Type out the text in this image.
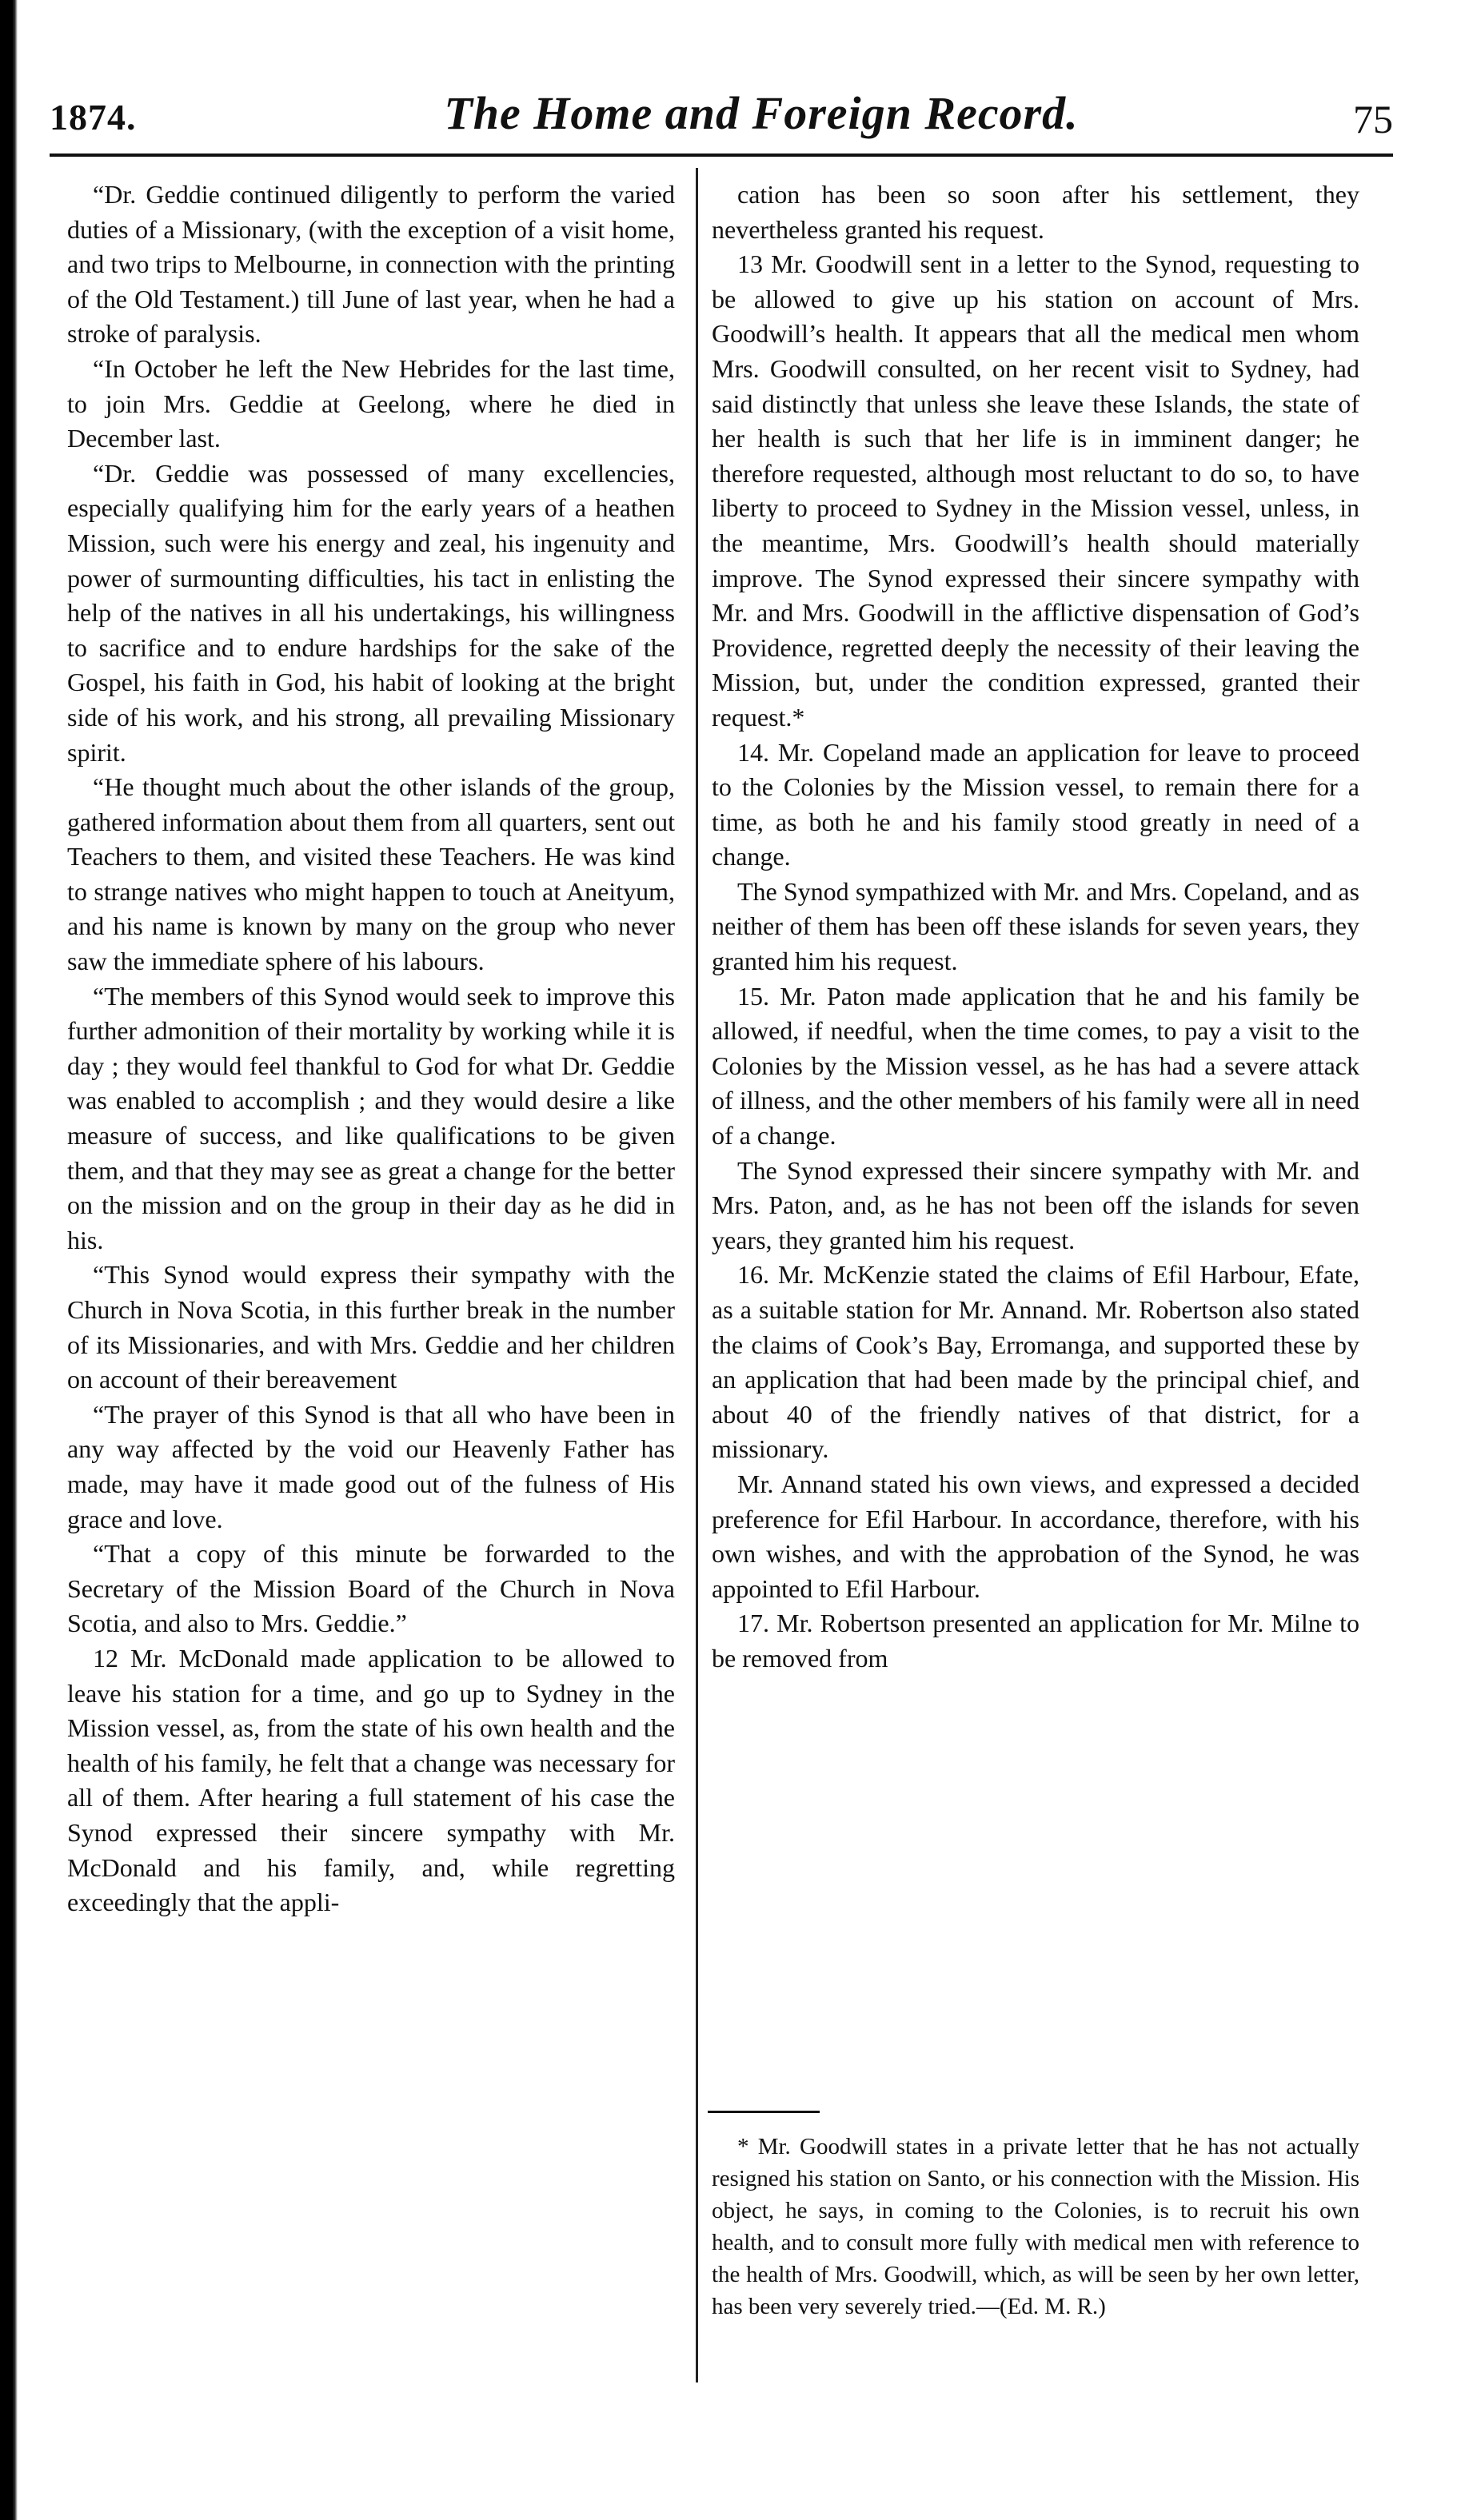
1874.	The Home and Foreign Record.	75

“Dr. Geddie continued diligently to perform the varied duties of a Missionary, (with the exception of a visit home, and two trips to Melbourne, in connection with the printing of the Old Testament.) till June of last year, when he had a stroke of paralysis.

“In October he left the New Hebrides for the last time, to join Mrs. Geddie at Geelong, where he died in December last.

“Dr. Geddie was possessed of many excellencies, especially qualifying him for the early years of a heathen Mission, such were his energy and zeal, his ingenuity and power of surmounting difficulties, his tact in enlisting the help of the natives in all his undertakings, his willingness to sacrifice and to endure hardships for the sake of the Gospel, his faith in God, his habit of looking at the bright side of his work, and his strong, all prevailing Missionary spirit.

“He thought much about the other islands of the group, gathered information about them from all quarters, sent out Teachers to them, and visited these Teachers. He was kind to strange natives who might happen to touch at Aneityum, and his name is known by many on the group who never saw the immediate sphere of his labours.

“The members of this Synod would seek to improve this further admonition of their mortality by working while it is day ; they would feel thankful to God for what Dr. Geddie was enabled to accomplish ; and they would desire a like measure of success, and like qualifications to be given them, and that they may see as great a change for the better on the mission and on the group in their day as he did in his.

“This Synod would express their sympathy with the Church in Nova Scotia, in this further break in the number of its Missionaries, and with Mrs. Geddie and her children on account of their bereavement

“The prayer of this Synod is that all who have been in any way affected by the void our Heavenly Father has made, may have it made good out of the fulness of His grace and love.

“That a copy of this minute be forwarded to the Secretary of the Mission Board of the Church in Nova Scotia, and also to Mrs. Geddie.”

12 Mr. McDonald made application to be allowed to leave his station for a time, and go up to Sydney in the Mission vessel, as, from the state of his own health and the health of his family, he felt that a change was necessary for all of them. After hearing a full statement of his case the Synod expressed their sincere sympathy with Mr. McDonald and his family, and, while regretting exceedingly that the appli-

cation has been so soon after his settlement, they nevertheless granted his request.

13 Mr. Goodwill sent in a letter to the Synod, requesting to be allowed to give up his station on account of Mrs. Goodwill’s health. It appears that all the medical men whom Mrs. Goodwill consulted, on her recent visit to Sydney, had said distinctly that unless she leave these Islands, the state of her health is such that her life is in imminent danger; he therefore requested, although most reluctant to do so, to have liberty to proceed to Sydney in the Mission vessel, unless, in the meantime, Mrs. Goodwill’s health should materially improve. The Synod expressed their sincere sympathy with Mr. and Mrs. Goodwill in the afflictive dispensation of God’s Providence, regretted deeply the necessity of their leaving the Mission, but, under the condition expressed, granted their request.*

14. Mr. Copeland made an application for leave to proceed to the Colonies by the Mission vessel, to remain there for a time, as both he and his family stood greatly in need of a change.

The Synod sympathized with Mr. and Mrs. Copeland, and as neither of them has been off these islands for seven years, they granted him his request.

15. Mr. Paton made application that he and his family be allowed, if needful, when the time comes, to pay a visit to the Colonies by the Mission vessel, as he has had a severe attack of illness, and the other members of his family were all in need of a change.

The Synod expressed their sincere sympathy with Mr. and Mrs. Paton, and, as he has not been off the islands for seven years, they granted him his request.

16. Mr. McKenzie stated the claims of Efil Harbour, Efate, as a suitable station for Mr. Annand. Mr. Robertson also stated the claims of Cook’s Bay, Erromanga, and supported these by an application that had been made by the principal chief, and about 40 of the friendly natives of that district, for a missionary.

Mr. Annand stated his own views, and expressed a decided preference for Efil Harbour. In accordance, therefore, with his own wishes, and with the approbation of the Synod, he was appointed to Efil Harbour.

17. Mr. Robertson presented an application for Mr. Milne to be removed from

* Mr. Goodwill states in a private letter that he has not actually resigned his station on Santo, or his connection with the Mission. His object, he says, in coming to the Colonies, is to recruit his own health, and to consult more fully with medical men with reference to the health of Mrs. Goodwill, which, as will be seen by her own letter, has been very severely tried.—(Ed. M. R.)
